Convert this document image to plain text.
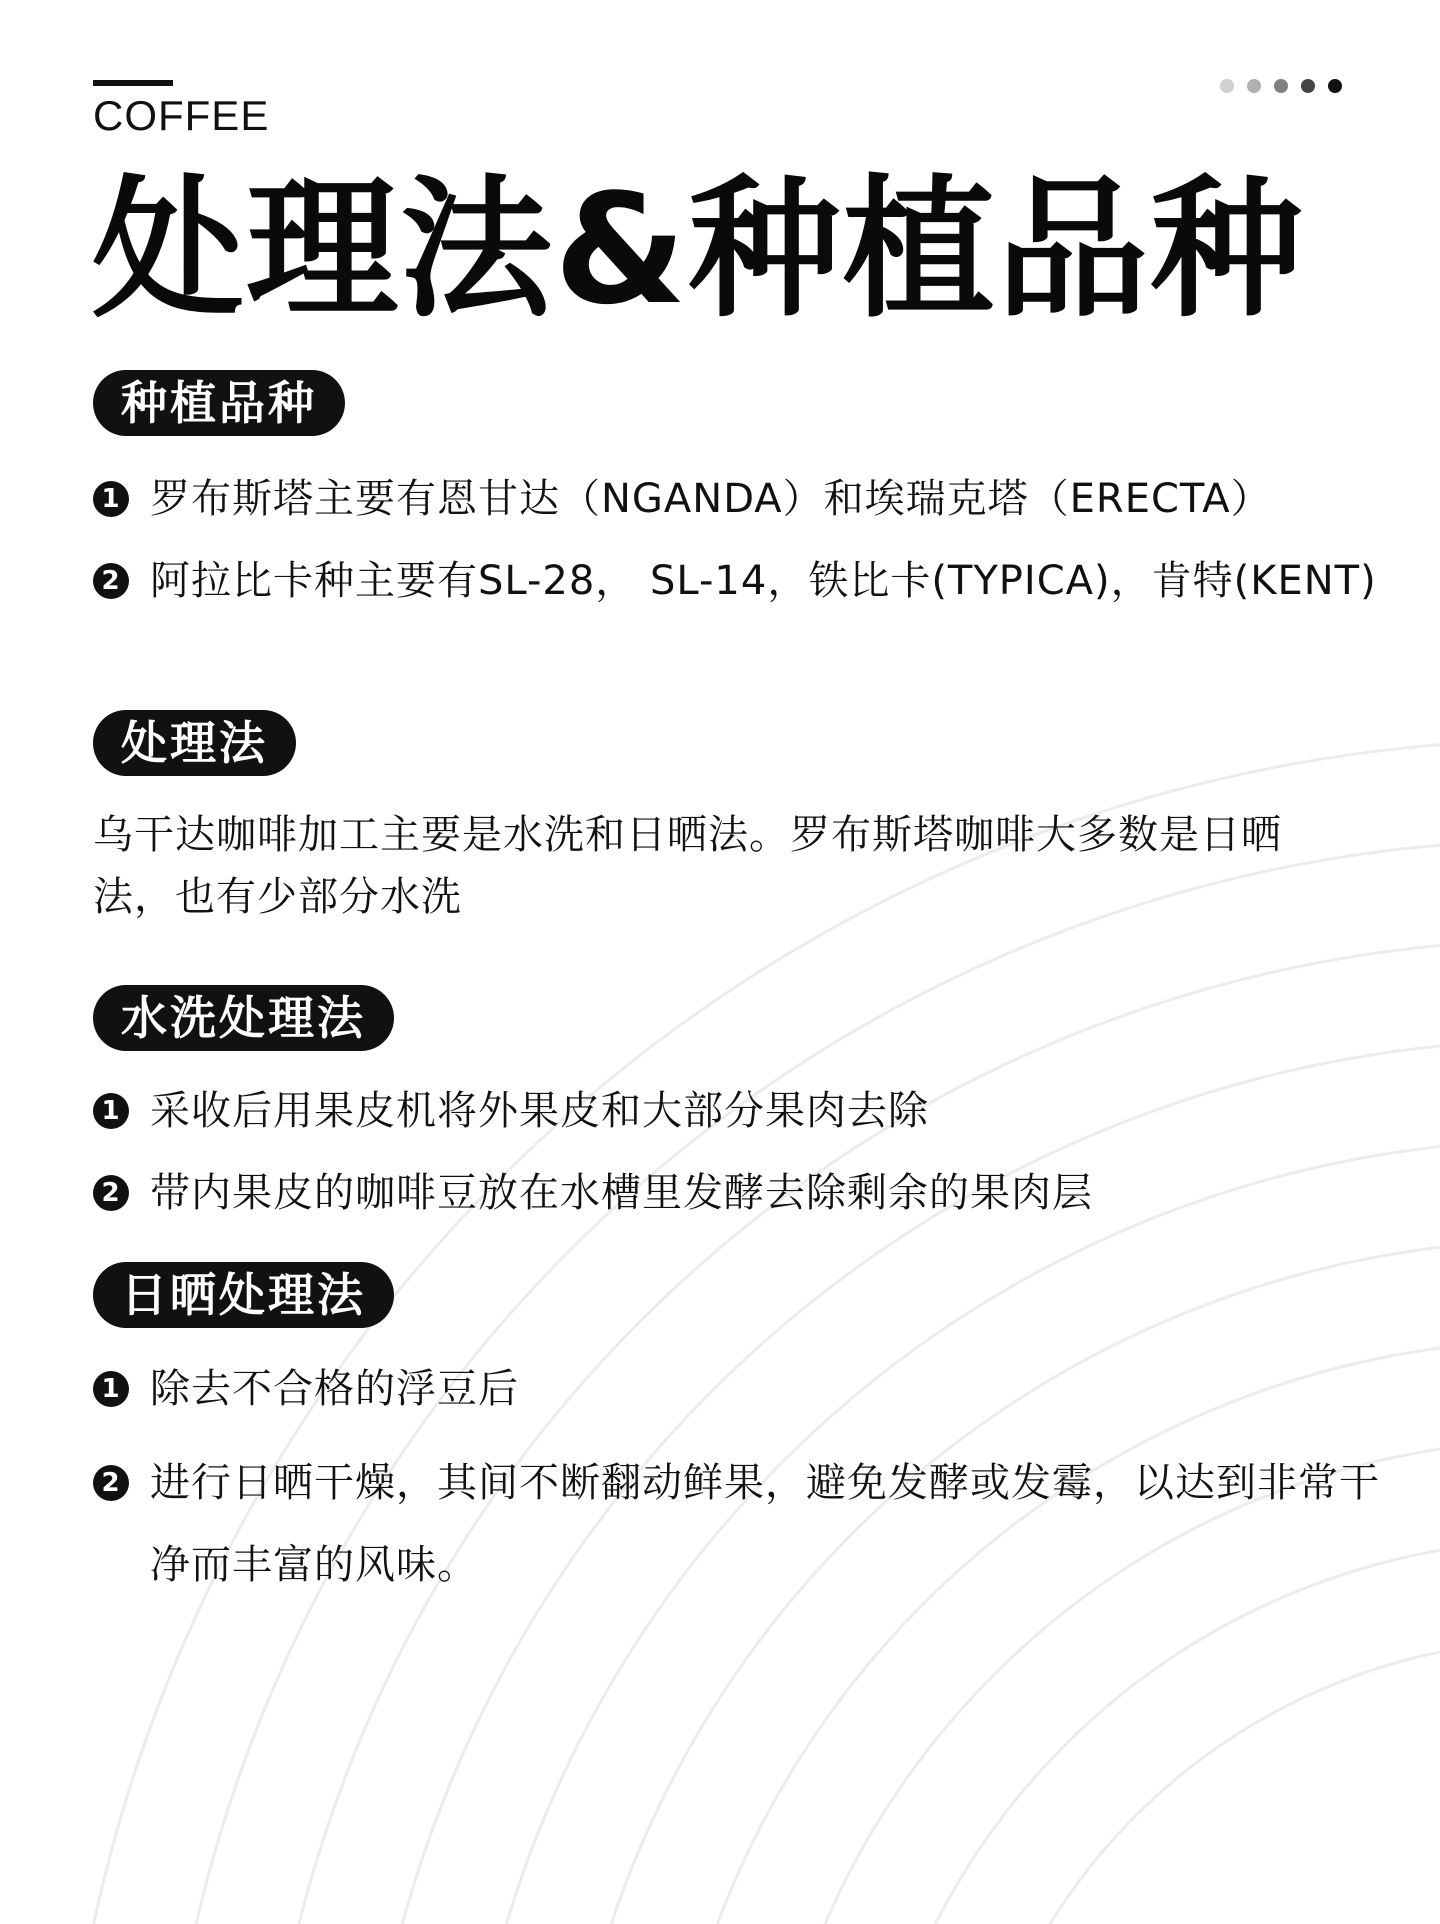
COFFEE
处理法&种植品种
种植品种
1 罗布斯塔主要有恩甘达（NGANDA）和埃瑞克塔（ERECTA）
2 阿拉比卡种主要有SL-28， SL-14，铁比卡(TYPICA)，肯特(KENT)
处理法
乌干达咖啡加工主要是水洗和日晒法。罗布斯塔咖啡大多数是日晒法，也有少部分水洗
水洗处理法
1 采收后用果皮机将外果皮和大部分果肉去除
2 带内果皮的咖啡豆放在水槽里发酵去除剩余的果肉层
日晒处理法
1 除去不合格的浮豆后
2 进行日晒干燥，其间不断翻动鲜果，避免发酵或发霉，以达到非常干净而丰富的风味。
